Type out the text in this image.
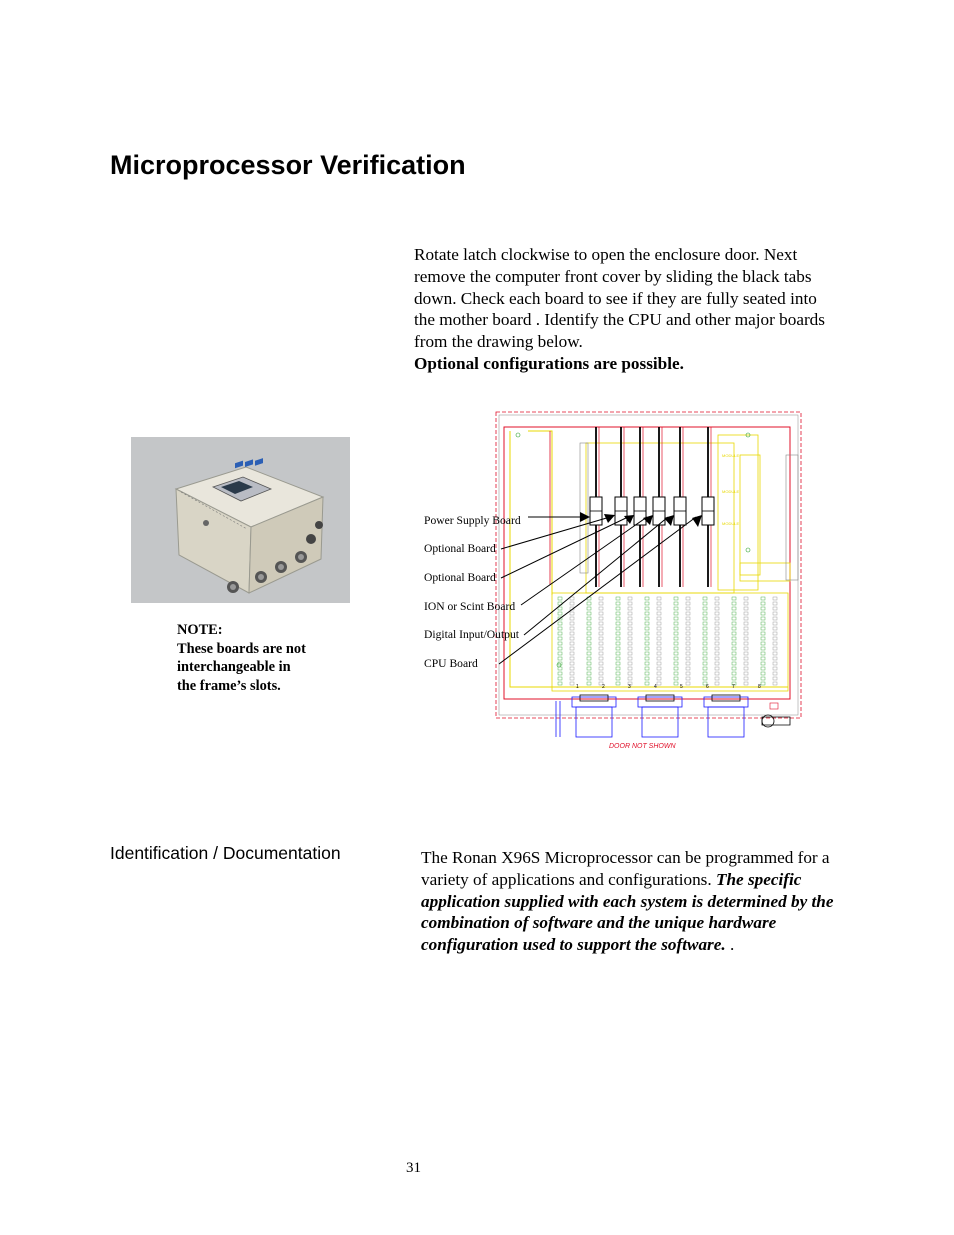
Microprocessor Verification
Rotate latch clockwise to open the enclosure door. Next remove the computer front cover by sliding the black tabs down. Check each board to see if they are fully seated into the mother board . Identify the CPU and other major boards from the drawing below.
Optional configurations are possible.
NOTE:
These boards are not
interchangeable in
the frame’s slots.
MODULE
MODULE
MODULE
1	2	3	4	5	6	7	8
DOOR NOT SHOWN
Power Supply Board
Optional Board
Optional Board
ION or Scint Board
Digital Input/Output
CPU Board
Identification / Documentation	The Ronan X96S Microprocessor can be programmed for a variety of applications and configurations. The specific application supplied with each system is determined by the combination of software and the unique hardware configuration used to support the software. .
31
